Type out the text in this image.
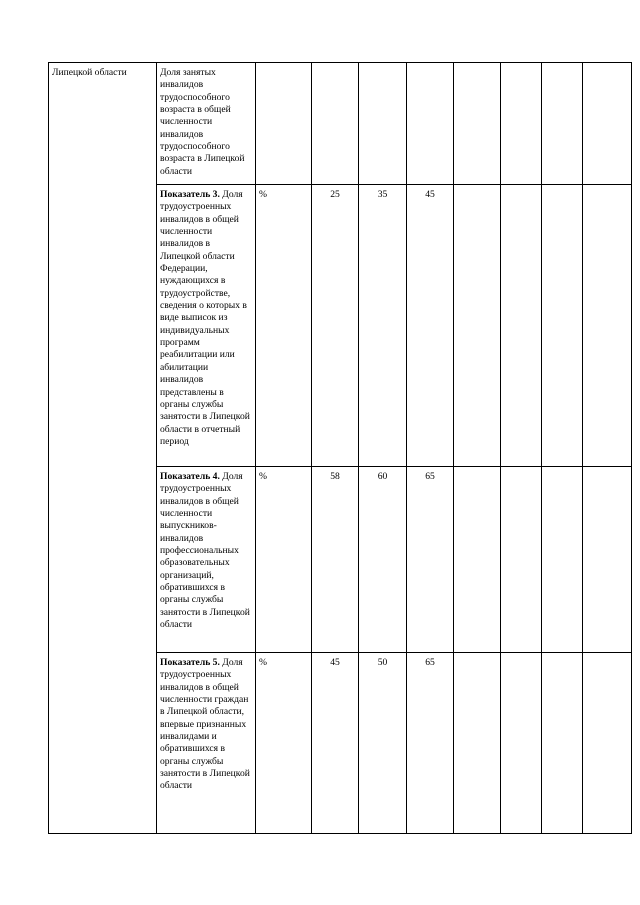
Липецкой области	Доля занятых инвалидов трудоспособного возраста в общей численности инвалидов трудоспособного возраста в Липецкой области								
	Показатель 3. Доля трудоустроенных инвалидов в общей численности инвалидов в Липецкой области Федерации, нуждающихся в трудоустройстве, сведения о которых в виде выписок из индивидуальных программ реабилитации или абилитации инвалидов представлены в органы службы занятости в Липецкой области в отчетный период	%	25	35	45				
	Показатель 4. Доля трудоустроенных инвалидов в общей численности выпускников-инвалидов профессиональных образовательных организаций, обратившихся в органы службы занятости в Липецкой области	%	58	60	65				
	Показатель 5. Доля трудоустроенных инвалидов в общей численности граждан в Липецкой области, впервые признанных инвалидами и обратившихся в органы службы занятости в Липецкой области	%	45	50	65				
